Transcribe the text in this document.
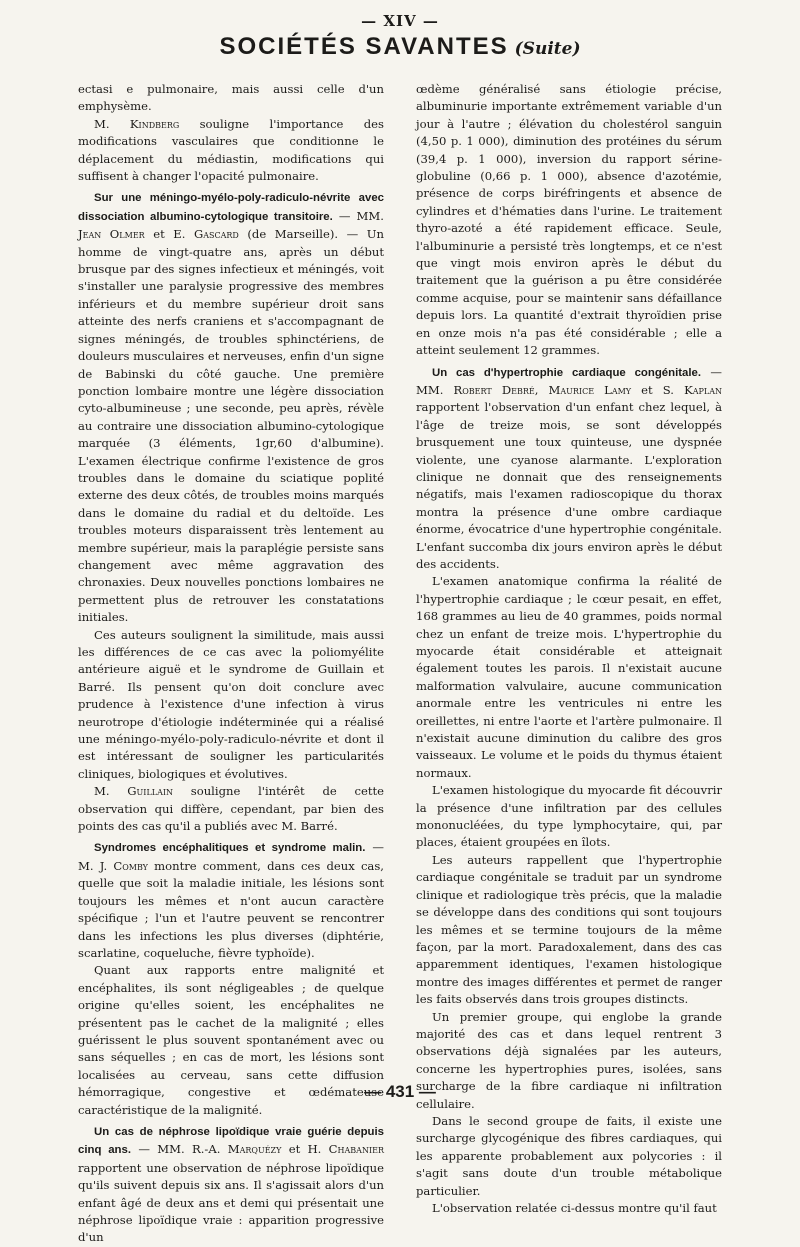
— XIV —
SOCIÉTÉS SAVANTES (Suite)

ectasi e pulmonaire, mais aussi celle d'un emphysème.

M. Kindberg souligne l'importance des modifications vasculaires que conditionne le déplacement du médiastin, modifications qui suffisent à changer l'opacité pulmonaire.

Sur une méningo-myélo-poly-radiculo-névrite avec dissociation albumino-cytologique transitoire. — MM. Jean Olmer et E. Gascard (de Marseille). — Un homme de vingt-quatre ans, après un début brusque par des signes infectieux et méningés, voit s'installer une paralysie progressive des membres inférieurs et du membre supérieur droit sans atteinte des nerfs craniens et s'accompagnant de signes méningés, de troubles sphinctériens, de douleurs musculaires et nerveuses, enfin d'un signe de Babinski du côté gauche. Une première ponction lombaire montre une légère dissociation cyto-albumineuse ; une seconde, peu après, révèle au contraire une dissociation albumino-cytologique marquée (3 éléments, 1gr,60 d'albumine). L'examen électrique confirme l'existence de gros troubles dans le domaine du sciatique poplité externe des deux côtés, de troubles moins marqués dans le domaine du radial et du deltoïde. Les troubles moteurs disparaissent très lentement au membre supérieur, mais la paraplégie persiste sans changement avec même aggravation des chronaxies. Deux nouvelles ponctions lombaires ne permettent plus de retrouver les constatations initiales.

Ces auteurs soulignent la similitude, mais aussi les différences de ce cas avec la poliomyélite antérieure aiguë et le syndrome de Guillain et Barré. Ils pensent qu'on doit conclure avec prudence à l'existence d'une infection à virus neurotrope d'étiologie indéterminée qui a réalisé une méningo-myélo-poly-radiculo-névrite et dont il est intéressant de souligner les particularités cliniques, biologiques et évolutives.

M. Guillain souligne l'intérêt de cette observation qui diffère, cependant, par bien des points des cas qu'il a publiés avec M. Barré.

Syndromes encéphalitiques et syndrome malin. — M. J. Comby montre comment, dans ces deux cas, quelle que soit la maladie initiale, les lésions sont toujours les mêmes et n'ont aucun caractère spécifique ; l'un et l'autre peuvent se rencontrer dans les infections les plus diverses (diphtérie, scarlatine, coqueluche, fièvre typhoïde).

Quant aux rapports entre malignité et encéphalites, ils sont négligeables ; de quelque origine qu'elles soient, les encéphalites ne présentent pas le cachet de la malignité ; elles guérissent le plus souvent spontanément avec ou sans séquelles ; en cas de mort, les lésions sont localisées au cerveau, sans cette diffusion hémorragique, congestive et œdémateuse caractéristique de la malignité.

Un cas de néphrose lipoïdique vraie guérie depuis cinq ans. — MM. R.-A. Marquézy et H. Chabanier rapportent une observation de néphrose lipoïdique qu'ils suivent depuis six ans. Il s'agissait alors d'un enfant âgé de deux ans et demi qui présentait une néphrose lipoïdique vraie : apparition progressive d'un

œdème généralisé sans étiologie précise, albuminurie importante extrêmement variable d'un jour à l'autre ; élévation du cholestérol sanguin (4,50 p. 1 000), diminution des protéines du sérum (39,4 p. 1 000), inversion du rapport sérine-globuline (0,66 p. 1 000), absence d'azotémie, présence de corps biréfringents et absence de cylindres et d'hématies dans l'urine. Le traitement thyro-azoté a été rapidement efficace. Seule, l'albuminurie a persisté très longtemps, et ce n'est que vingt mois environ après le début du traitement que la guérison a pu être considérée comme acquise, pour se maintenir sans défaillance depuis lors. La quantité d'extrait thyroïdien prise en onze mois n'a pas été considérable ; elle a atteint seulement 12 grammes.

Un cas d'hypertrophie cardiaque congénitale. — MM. Robert Debré, Maurice Lamy et S. Kaplan rapportent l'observation d'un enfant chez lequel, à l'âge de treize mois, se sont développés brusquement une toux quinteuse, une dyspnée violente, une cyanose alarmante. L'exploration clinique ne donnait que des renseignements négatifs, mais l'examen radioscopique du thorax montra la présence d'une ombre cardiaque énorme, évocatrice d'une hypertrophie congénitale. L'enfant succomba dix jours environ après le début des accidents.

L'examen anatomique confirma la réalité de l'hypertrophie cardiaque ; le cœur pesait, en effet, 168 grammes au lieu de 40 grammes, poids normal chez un enfant de treize mois. L'hypertrophie du myocarde était considérable et atteignait également toutes les parois. Il n'existait aucune malformation valvulaire, aucune communication anormale entre les ventricules ni entre les oreillettes, ni entre l'aorte et l'artère pulmonaire. Il n'existait aucune diminution du calibre des gros vaisseaux. Le volume et le poids du thymus étaient normaux.

L'examen histologique du myocarde fit découvrir la présence d'une infiltration par des cellules mononucléées, du type lymphocytaire, qui, par places, étaient groupées en îlots.

Les auteurs rappellent que l'hypertrophie cardiaque congénitale se traduit par un syndrome clinique et radiologique très précis, que la maladie se développe dans des conditions qui sont toujours les mêmes et se termine toujours de la même façon, par la mort. Paradoxalement, dans des cas apparemment identiques, l'examen histologique montre des images différentes et permet de ranger les faits observés dans trois groupes distincts.

Un premier groupe, qui englobe la grande majorité des cas et dans lequel rentrent 3 observations déjà signalées par les auteurs, concerne les hypertrophies pures, isolées, sans surcharge de la fibre cardiaque ni infiltration cellulaire.

Dans le second groupe de faits, il existe une surcharge glycogénique des fibres cardiaques, qui les apparente probablement aux polycories : il s'agit sans doute d'un trouble métabolique particulier.

L'observation relatée ci-dessus montre qu'il faut

— 431 —
